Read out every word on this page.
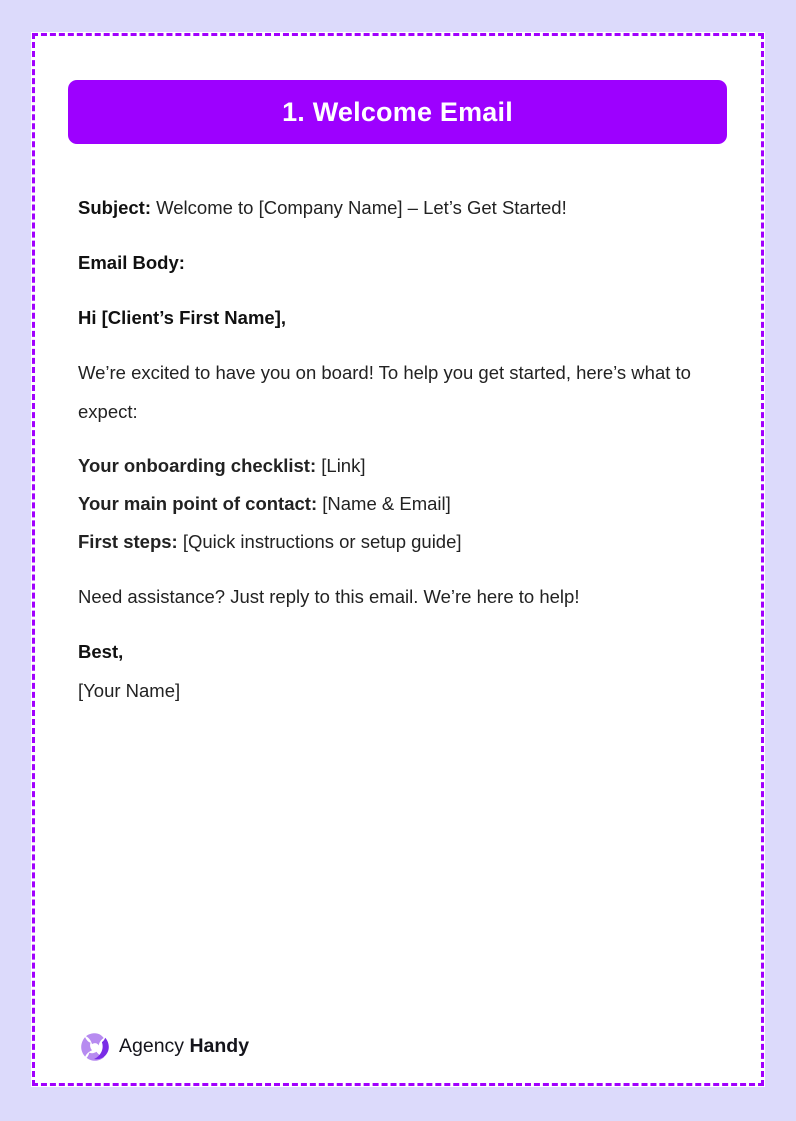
1. Welcome Email
Subject: Welcome to [Company Name] – Let’s Get Started!
Email Body:
Hi [Client’s First Name],
We’re excited to have you on board! To help you get started, here’s what to expect:
Your onboarding checklist: [Link]
Your main point of contact: [Name & Email]
First steps: [Quick instructions or setup guide]
Need assistance? Just reply to this email. We’re here to help!
Best,
[Your Name]
Agency Handy
